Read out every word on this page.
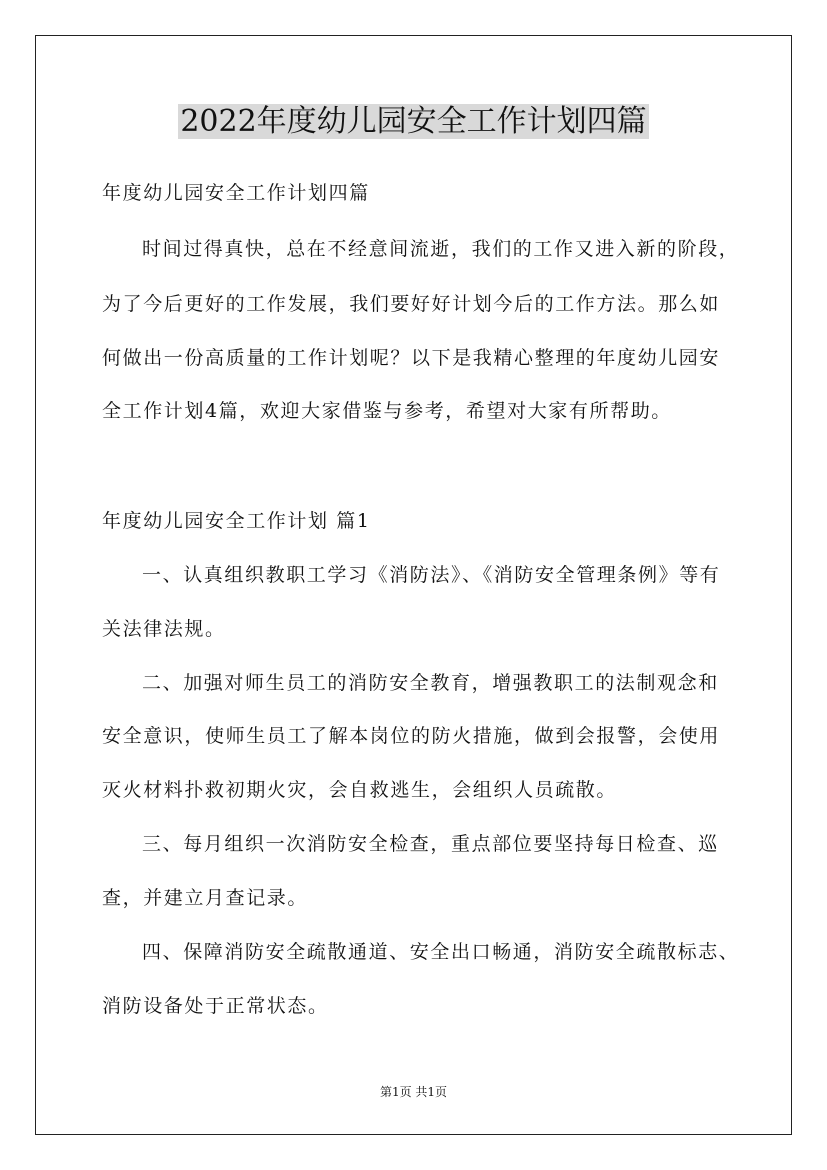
2022年度幼儿园安全工作计划四篇
年度幼儿园安全工作计划四篇
时间过得真快，总在不经意间流逝，我们的工作又进入新的阶段，
为了今后更好的工作发展，我们要好好计划今后的工作方法。那么如
何做出一份高质量的工作计划呢？以下是我精心整理的年度幼儿园安
全工作计划4篇，欢迎大家借鉴与参考，希望对大家有所帮助。
年度幼儿园安全工作计划 篇1
一、认真组织教职工学习《消防法》、《消防安全管理条例》等有
关法律法规。
二、加强对师生员工的消防安全教育，增强教职工的法制观念和
安全意识，使师生员工了解本岗位的防火措施，做到会报警，会使用
灭火材料扑救初期火灾，会自救逃生，会组织人员疏散。
三、每月组织一次消防安全检查，重点部位要坚持每日检查、巡
查，并建立月查记录。
四、保障消防安全疏散通道、安全出口畅通，消防安全疏散标志、
消防设备处于正常状态。
第1页 共1页
